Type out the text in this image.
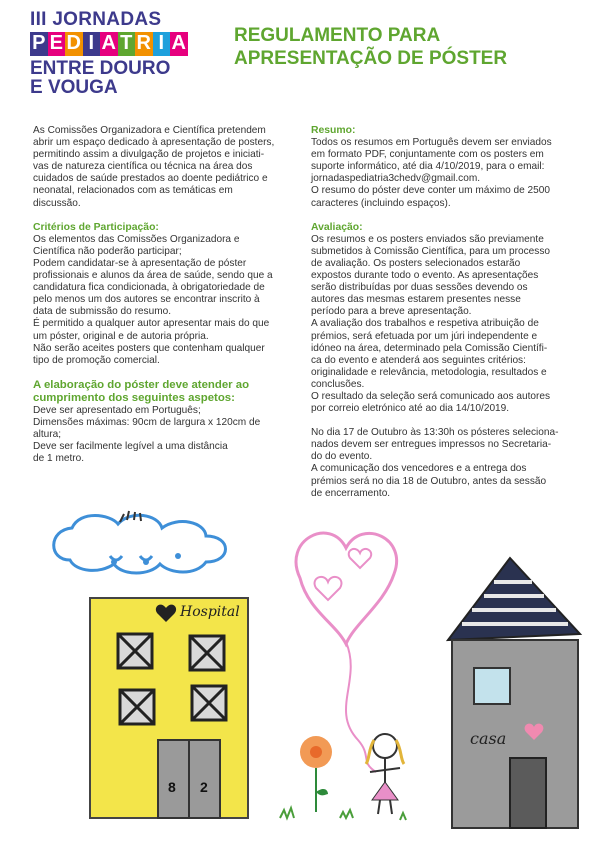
III JORNADAS
P E D I A T R I A
ENTRE DOURO
E VOUGA
REGULAMENTO PARA
APRESENTAÇÃO DE PÓSTER
As Comissões Organizadora e Científica pretendem
abrir um espaço dedicado à apresentação de posters,
permitindo assim a divulgação de projetos e iniciati-
vas de natureza científica ou técnica na área dos
cuidados de saúde prestados ao doente pediátrico e
neonatal, relacionados com as temáticas em
discussão.

Critérios de Participação:

Os elementos das Comissões Organizadora e
Científica não poderão participar;
Podem candidatar-se à apresentação de póster
profissionais e alunos da área de saúde, sendo que a
candidatura fica condicionada, à obrigatoriedade de
pelo menos um dos autores se encontrar inscrito à
data de submissão do resumo.
É permitido a qualquer autor apresentar mais do que
um póster, original e de autoria própria.
Não serão aceites posters que contenham qualquer
tipo de promoção comercial.
A elaboração do póster deve atender ao
cumprimento dos seguintes aspetos:
Deve ser apresentado em Português;
Dimensões máximas: 90cm de largura x 120cm de
altura;
Deve ser facilmente legível a uma distância
de 1 metro.

Resumo:

Todos os resumos em Português devem ser enviados
em formato PDF, conjuntamente com os posters em
suporte informático, até dia 4/10/2019, para o email:
jornadaspediatria3chedv@gmail.com.
O resumo do póster deve conter um máximo de 2500
caracteres (incluindo espaços).

Avaliação:

Os resumos e os posters enviados são previamente
submetidos à Comissão Científica, para um processo
de avaliação. Os posters selecionados estarão
expostos durante todo o evento. As apresentações
serão distribuídas por duas sessões devendo os
autores das mesmas estarem presentes nesse
período para a breve apresentação.
A avaliação dos trabalhos e respetiva atribuição de
prémios, será efetuada por um júri independente e
idóneo na área, determinado pela Comissão Científi-
ca do evento e atenderá aos seguintes critérios:
originalidade e relevância, metodologia, resultados e
conclusões.
O resultado da seleção será comunicado aos autores
por correio eletrónico até ao dia 14/10/2019.
No dia 17 de Outubro às 13:30h os pósteres seleciona-
nados devem ser entregues impressos no Secretaria-
do do evento.
A comunicação dos vencedores e a entrega dos
prémios será no dia 18 de Outubro, antes da sessão
de encerramento.
Hospital
8 2
casa
